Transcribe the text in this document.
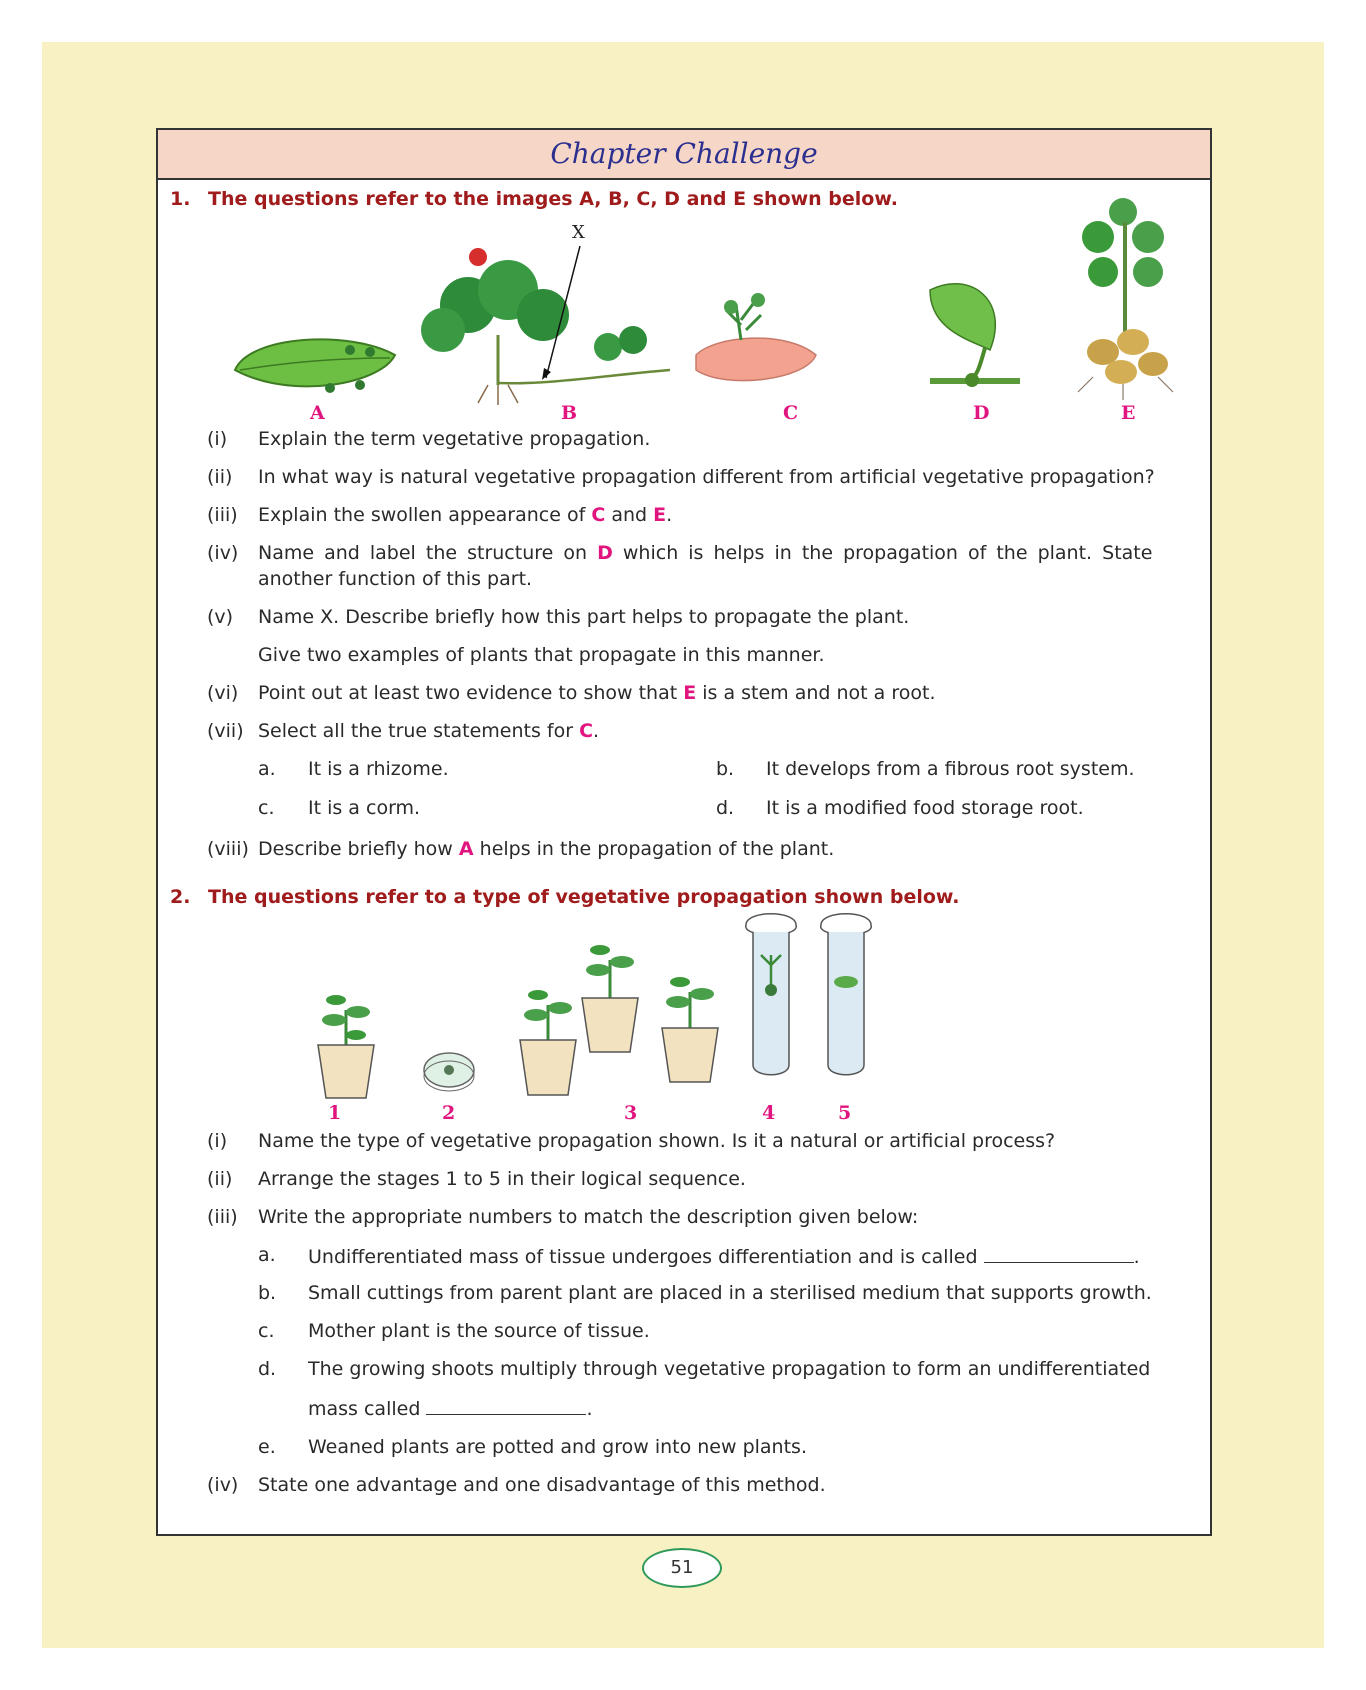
Chapter Challenge
1. The questions refer to the images A, B, C, D and E shown below.
X
A	B	C	D	E
(i) Explain the term vegetative propagation.
(ii) In what way is natural vegetative propagation different from artificial vegetative propagation?
(iii) Explain the swollen appearance of C and E.
(iv) Name and label the structure on D which is helps in the propagation of the plant. State
another function of this part.
(v) Name X. Describe briefly how this part helps to propagate the plant.
Give two examples of plants that propagate in this manner.
(vi) Point out at least two evidence to show that E is a stem and not a root.
(vii) Select all the true statements for C.
a. It is a rhizome.	b. It develops from a fibrous root system.
c. It is a corm.	d. It is a modified food storage root.
(viii) Describe briefly how A helps in the propagation of the plant.
2. The questions refer to a type of vegetative propagation shown below.
1	2	3	4	5
(i) Name the type of vegetative propagation shown. Is it a natural or artificial process?
(ii) Arrange the stages 1 to 5 in their logical sequence.
(iii) Write the appropriate numbers to match the description given below:
a. Undifferentiated mass of tissue undergoes differentiation and is called	.
b. Small cuttings from parent plant are placed in a sterilised medium that supports growth.
c. Mother plant is the source of tissue.
d. The growing shoots multiply through vegetative propagation to form an undifferentiated
mass called	.
e. Weaned plants are potted and grow into new plants.
(iv) State one advantage and one disadvantage of this method.
51
